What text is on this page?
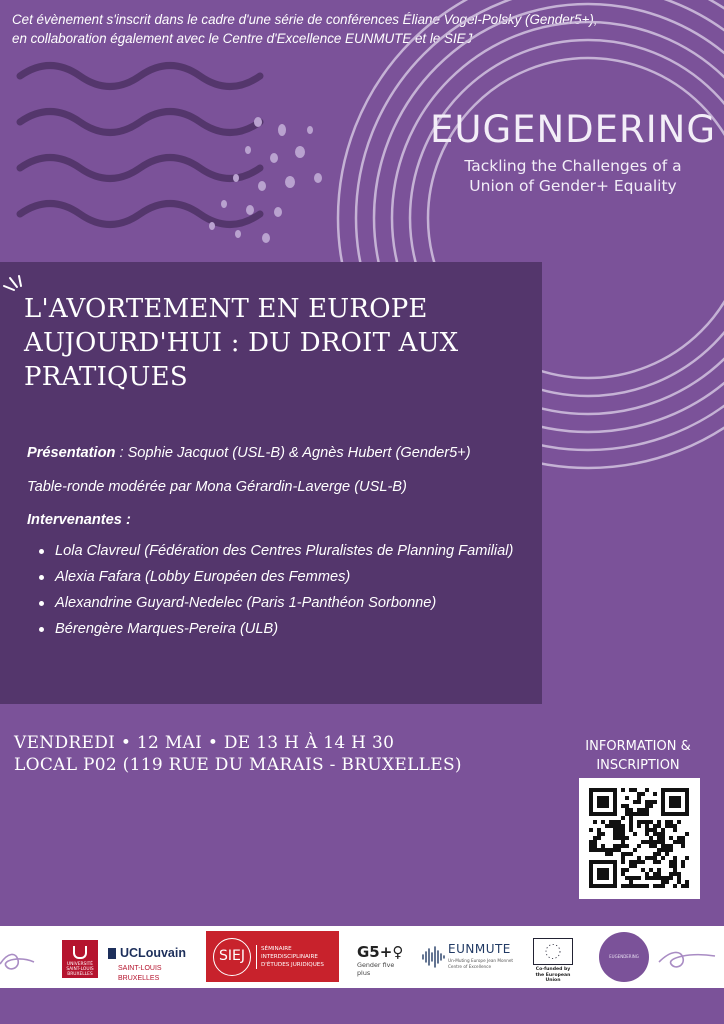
Cet évènement s'inscrit dans le cadre d'une série de conférences Éliane Vogel-Polsky (Gender5+),
en collaboration également avec le Centre d'Excellence EUNMUTE et le SIEJ
EUGENDERING
Tackling the Challenges of a
Union of Gender+ Equality
L'AVORTEMENT EN EUROPE
AUJOURD'HUI : DU DROIT AUX
PRATIQUES

Présentation : Sophie Jacquot (USL-B) & Agnès Hubert (Gender5+)

Table-ronde modérée par Mona Gérardin-Laverge (USL-B)

Intervenantes :

Lola Clavreul (Fédération des Centres Pluralistes de Planning Familial)
Alexia Fafara (Lobby Européen des Femmes)
Alexandrine Guyard-Nedelec (Paris 1-Panthéon Sorbonne)
Bérengère Marques-Pereira (ULB)
VENDREDI • 12 MAI • DE 13 H À 14 H 30
LOCAL P02 (119 RUE DU MARAIS - BRUXELLES)
INFORMATION &
INSCRIPTION
UNIVERSITÉ SAINT-LOUIS BRUXELLES
UCLouvain
SAINT-LOUIS BRUXELLES
SIEJ	SÉMINAIRE INTERDISCIPLINAIRE D'ÉTUDES JURIDIQUES
G5+♀
Gender five plus
EUNMUTE
Un-Muting Europe Jean Monnet Centre of Excellence
Co-funded by the European Union
EUGENDERING
